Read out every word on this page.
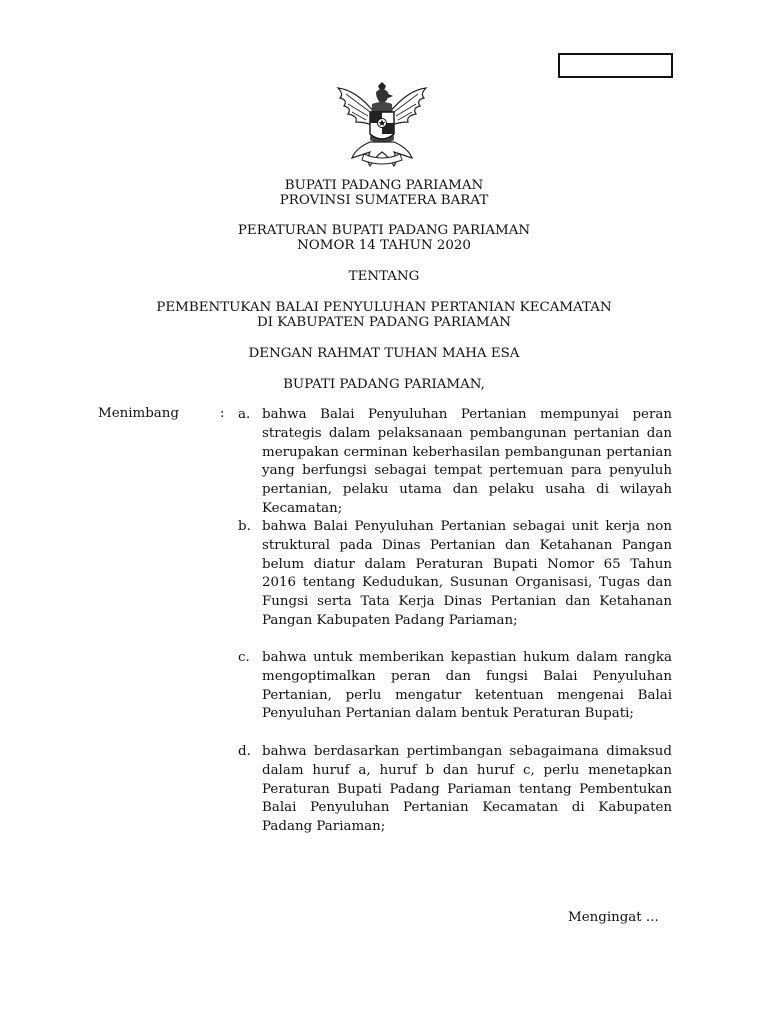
BUPATI PADANG PARIAMAN
PROVINSI SUMATERA BARAT
PERATURAN BUPATI PADANG PARIAMAN
NOMOR 14 TAHUN 2020
TENTANG
PEMBENTUKAN BALAI PENYULUHAN PERTANIAN KECAMATAN
DI KABUPATEN PADANG PARIAMAN
DENGAN RAHMAT TUHAN MAHA ESA
BUPATI PADANG PARIAMAN,
Menimbang	: a. bahwa Balai Penyuluhan Pertanian mempunyai peran strategis dalam pelaksanaan pembangunan pertanian dan merupakan cerminan keberhasilan pembangunan pertanian yang berfungsi sebagai tempat pertemuan para penyuluh pertanian, pelaku utama dan pelaku usaha di wilayah Kecamatan;
b. bahwa Balai Penyuluhan Pertanian sebagai unit kerja non struktural pada Dinas Pertanian dan Ketahanan Pangan belum diatur dalam Peraturan Bupati Nomor 65 Tahun 2016 tentang Kedudukan, Susunan Organisasi, Tugas dan Fungsi serta Tata Kerja Dinas Pertanian dan Ketahanan Pangan Kabupaten Padang Pariaman;
c. bahwa untuk memberikan kepastian hukum dalam rangka mengoptimalkan peran dan fungsi Balai Penyuluhan Pertanian, perlu mengatur ketentuan mengenai Balai Penyuluhan Pertanian dalam bentuk Peraturan Bupati;
d. bahwa berdasarkan pertimbangan sebagaimana dimaksud dalam huruf a, huruf b dan huruf c, perlu menetapkan Peraturan Bupati Padang Pariaman tentang Pembentukan Balai Penyuluhan Pertanian Kecamatan di Kabupaten Padang Pariaman;
Mengingat ...
